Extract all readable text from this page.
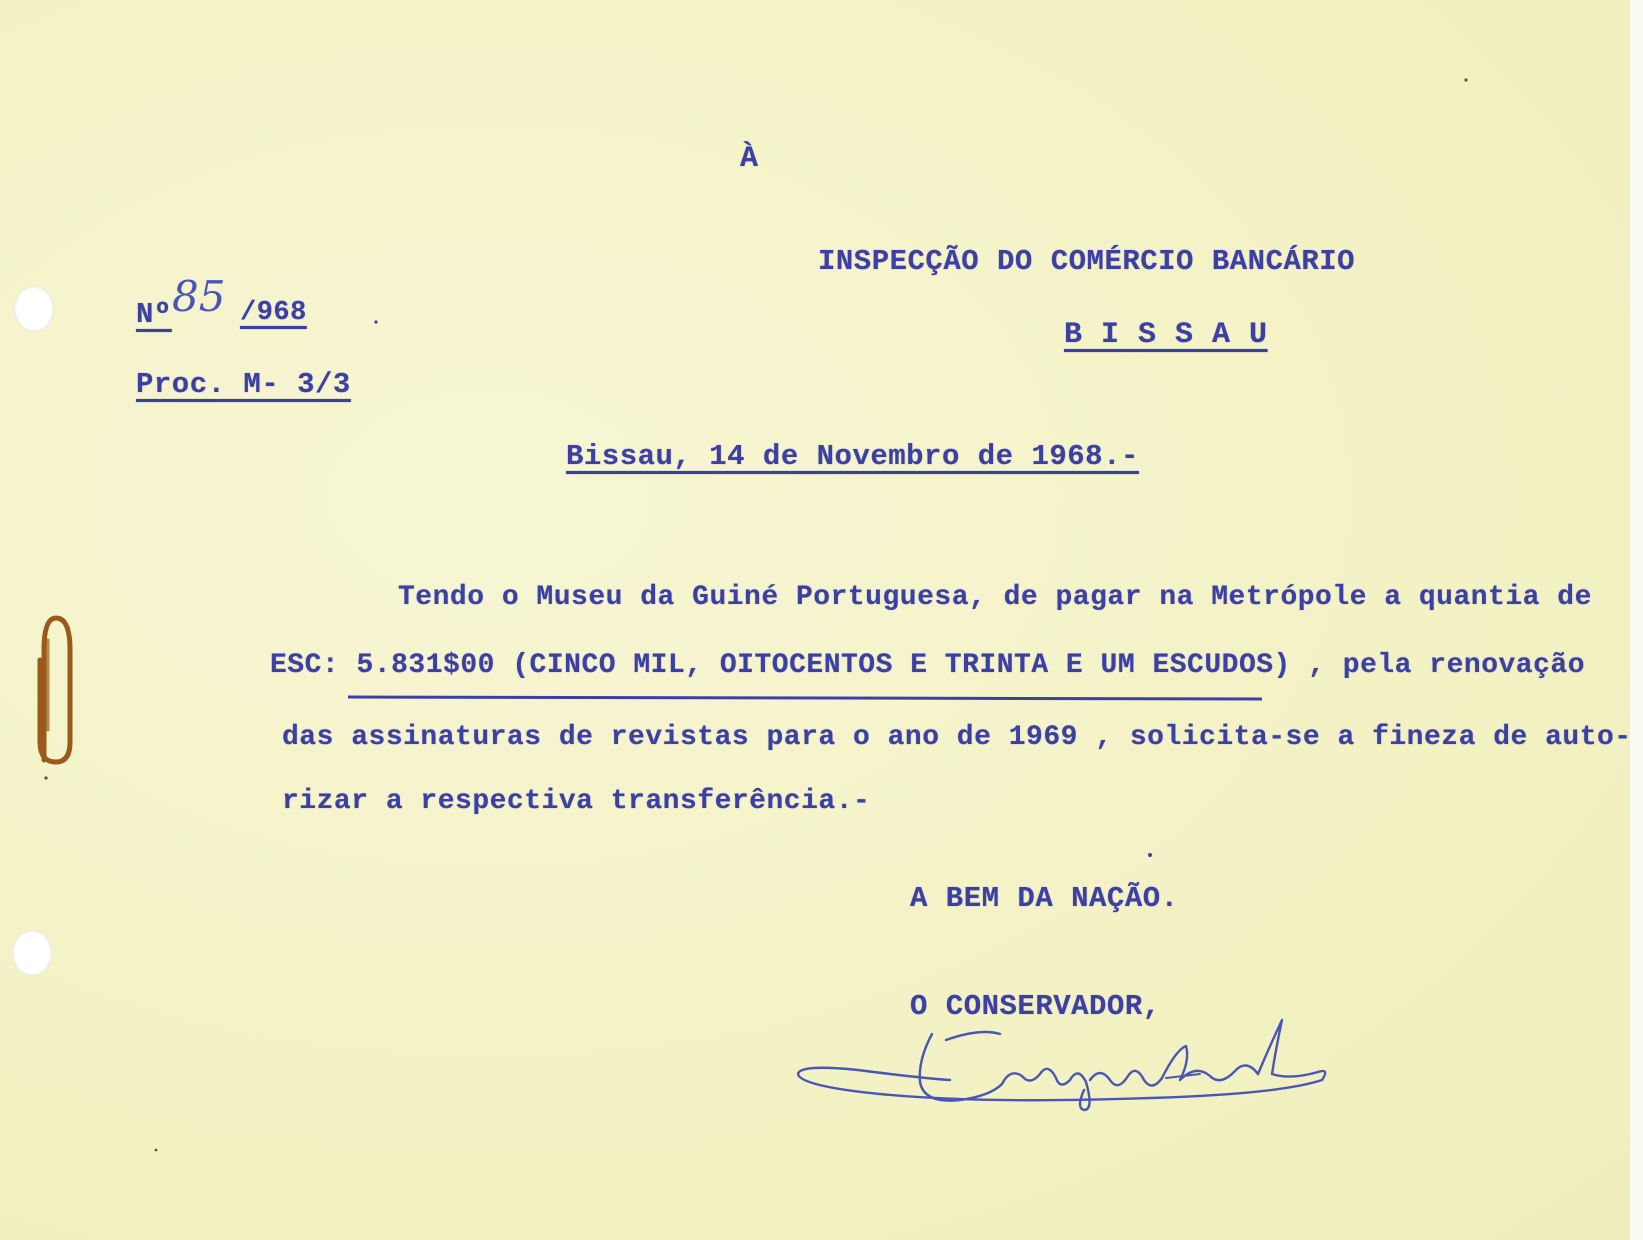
À

INSPECÇÃO DO COMÉRCIO BANCÁRIO

B I S S A U

Nº 85 /968

Proc. M- 3/3

Bissau, 14 de Novembro de 1968.-

Tendo o Museu da Guiné Portuguesa, de pagar na Metrópole a quantia de

ESC: 5.831$00 (CINCO MIL, OITOCENTOS E TRINTA E UM ESCUDOS) , pela renovação

das assinaturas de revistas para o ano de 1969 , solicita-se a fineza de auto-

rizar a respectiva transferência.-

A BEM DA NAÇÃO.

O CONSERVADOR,
